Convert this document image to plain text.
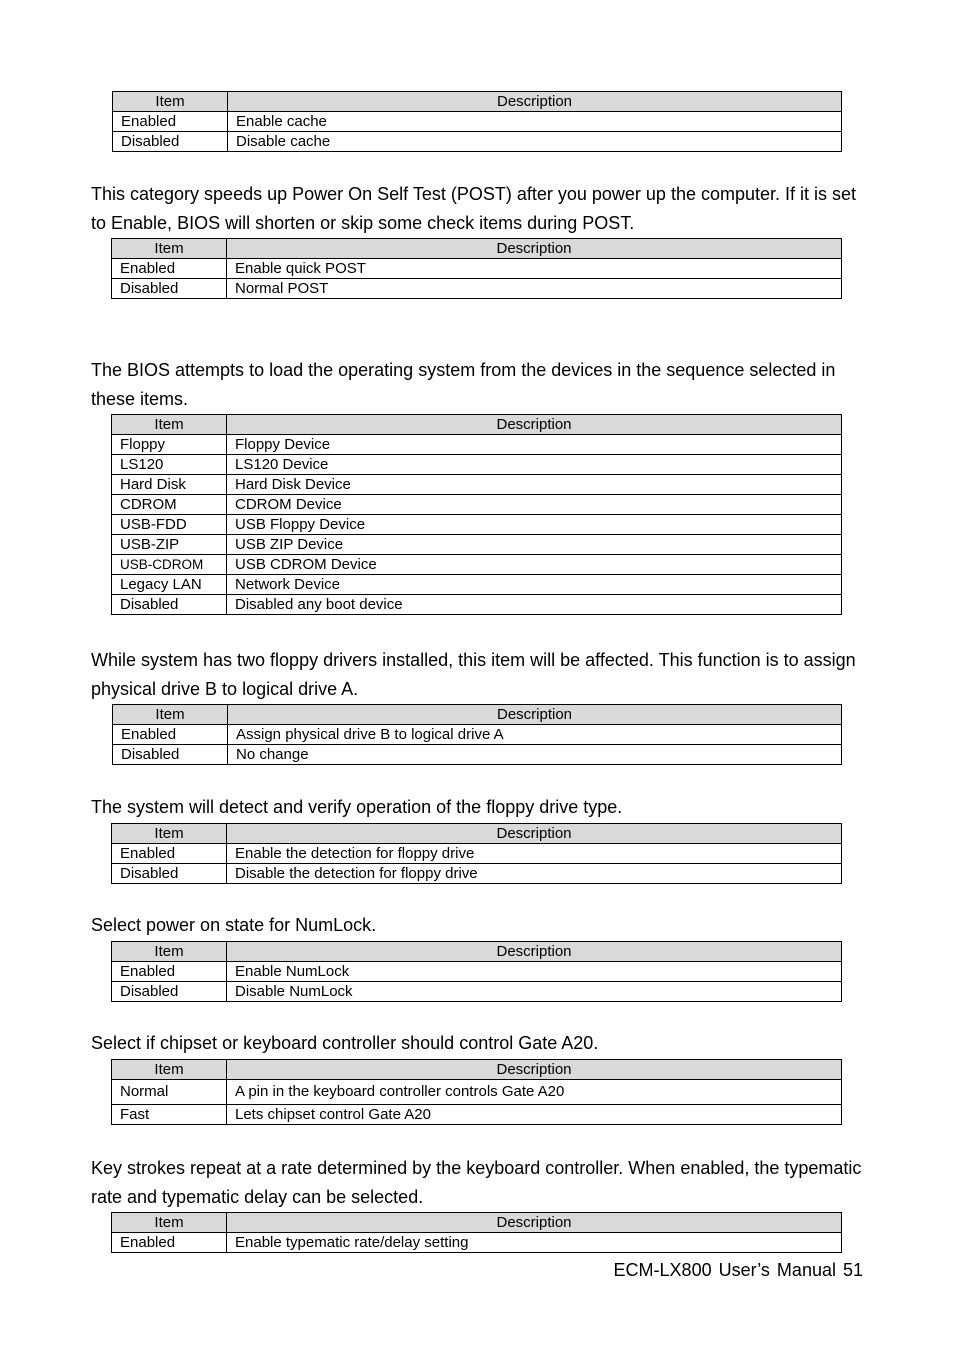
Item	Description
Enabled	Enable cache
Disabled	Disable cache

This category speeds up Power On Self Test (POST) after you power up the computer. If it is set to Enable, BIOS will shorten or skip some check items during POST.

Item	Description
Enabled	Enable quick POST
Disabled	Normal POST

The BIOS attempts to load the operating system from the devices in the sequence selected in these items.

Item	Description
Floppy	Floppy Device
LS120	LS120 Device
Hard Disk	Hard Disk Device
CDROM	CDROM Device
USB-FDD	USB Floppy Device
USB-ZIP	USB ZIP Device
USB-CDROM	USB CDROM Device
Legacy LAN	Network Device
Disabled	Disabled any boot device

While system has two floppy drivers installed, this item will be affected. This function is to assign physical drive B to logical drive A.

Item	Description
Enabled	Assign physical drive B to logical drive A
Disabled	No change

The system will detect and verify operation of the floppy drive type.

Item	Description
Enabled	Enable the detection for floppy drive
Disabled	Disable the detection for floppy drive

Select power on state for NumLock.

Item	Description
Enabled	Enable NumLock
Disabled	Disable NumLock

Select if chipset or keyboard controller should control Gate A20.

Item	Description
Normal	A pin in the keyboard controller controls Gate A20
Fast	Lets chipset control Gate A20

Key strokes repeat at a rate determined by the keyboard controller. When enabled, the typematic rate and typematic delay can be selected.

Item	Description
Enabled	Enable typematic rate/delay setting
ECM-LX800 User’s Manual 51
